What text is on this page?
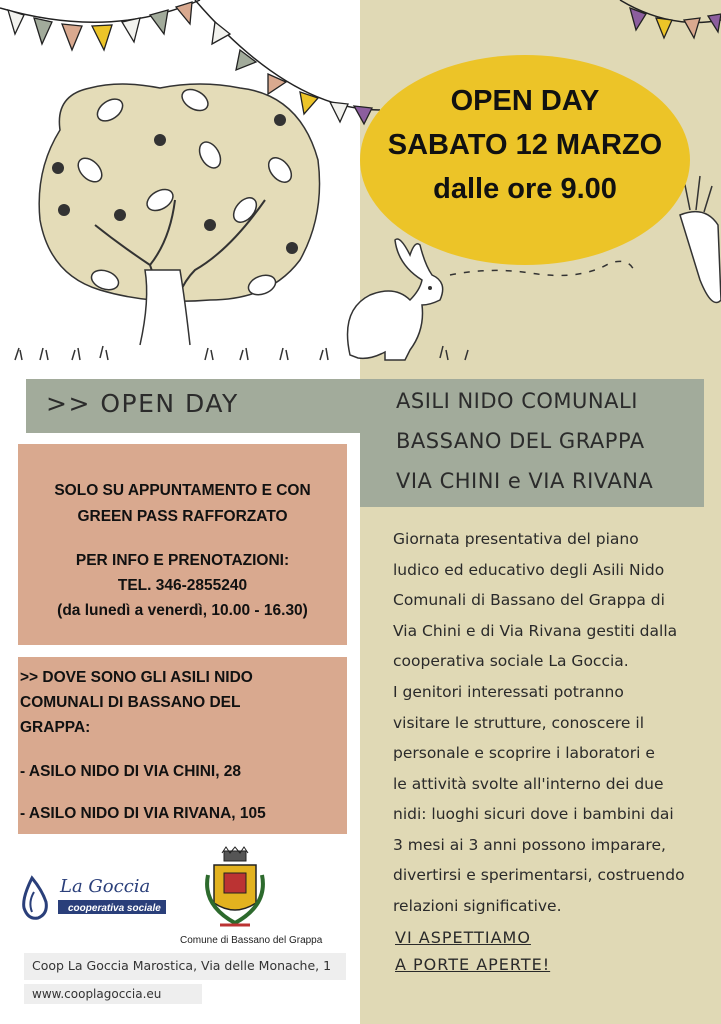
OPEN DAY
SABATO 12 MARZO
dalle ore 9.00
>> OPEN DAY	ASILI NIDO COMUNALI
BASSANO DEL GRAPPA
VIA CHINI e VIA RIVANA
SOLO SU APPUNTAMENTO E CON
GREEN PASS RAFFORZATO
PER INFO E PRENOTAZIONI:
TEL. 346-2855240
(da lunedì a venerdì, 10.00 - 16.30)
>> DOVE SONO GLI ASILI NIDO
COMUNALI DI BASSANO DEL
GRAPPA:
- ASILO NIDO DI VIA CHINI, 28
- ASILO NIDO DI VIA RIVANA, 105

Giornata presentativa del piano

ludico ed educativo degli Asili Nido

Comunali di Bassano del Grappa di

Via Chini e di Via Rivana gestiti dalla

cooperativa sociale La Goccia.

I genitori interessati potranno

visitare le strutture, conoscere il

personale e scoprire i laboratori e

le attività svolte all'interno dei due

nidi: luoghi sicuri dove i bambini dai

3 mesi ai 3 anni possono imparare,

divertirsi e sperimentarsi, costruendo

relazioni significative.

VI ASPETTIAMO
A PORTE APERTE!
La Goccia
cooperativa sociale
Comune di Bassano del Grappa
Coop La Goccia Marostica, Via delle Monache, 1
www.cooplagoccia.eu
